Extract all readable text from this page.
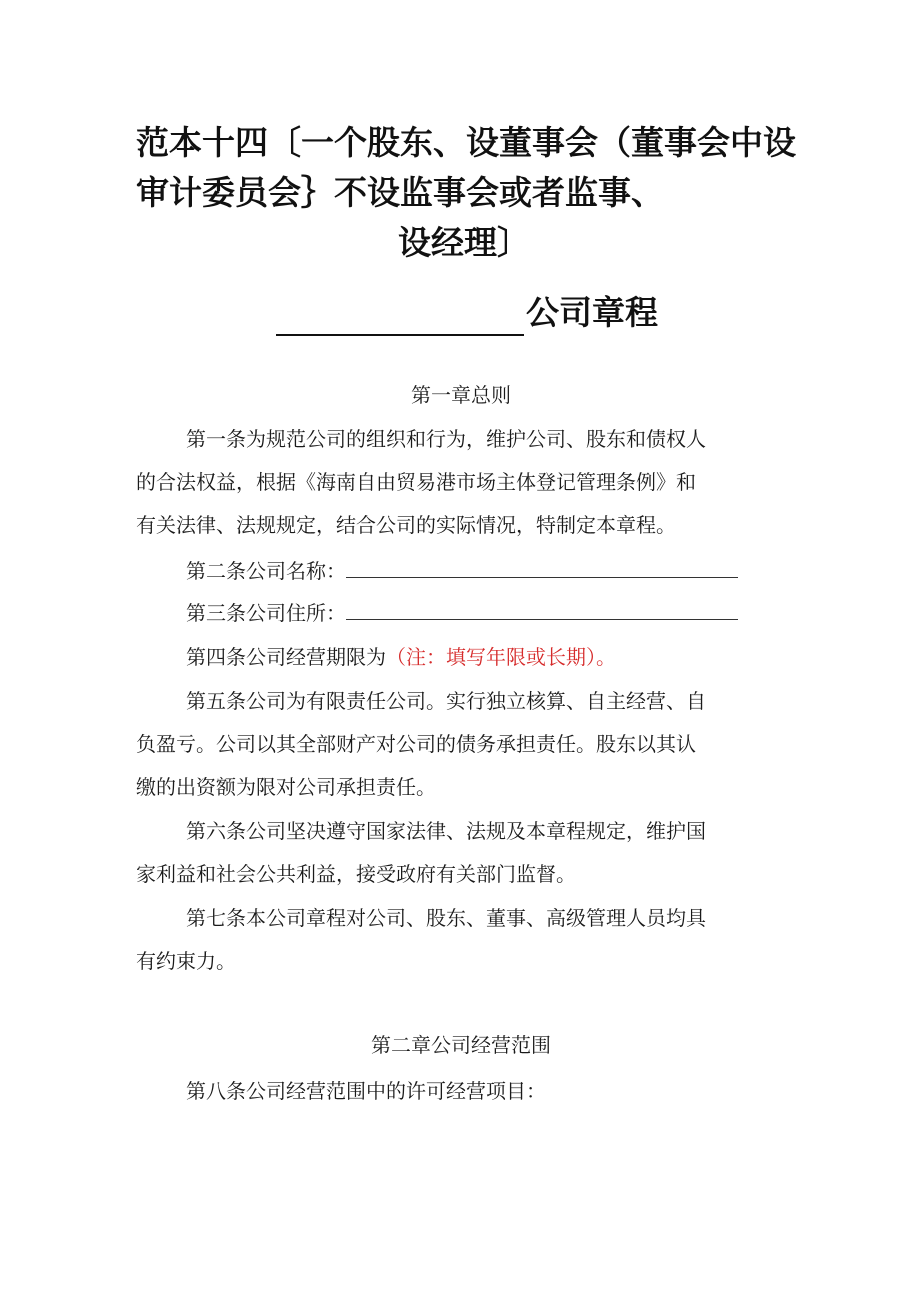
范本十四〔一个股东、设董事会（董事会中设
审计委员会｝不设监事会或者监事、
设经理〕
公司章程
第一章总则
第一条为规范公司的组织和行为，维护公司、股东和债权人
的合法权益，根据《海南自由贸易港市场主体登记管理条例》和
有关法律、法规规定，结合公司的实际情况，特制定本章程。
第二条公司名称：
第三条公司住所：
第四条公司经营期限为（注：填写年限或长期）。
第五条公司为有限责任公司。实行独立核算、自主经营、自
负盈亏。公司以其全部财产对公司的债务承担责任。股东以其认
缴的出资额为限对公司承担责任。
第六条公司坚决遵守国家法律、法规及本章程规定，维护国
家利益和社会公共利益，接受政府有关部门监督。
第七条本公司章程对公司、股东、董事、高级管理人员均具
有约束力。
第二章公司经营范围
第八条公司经营范围中的许可经营项目：
